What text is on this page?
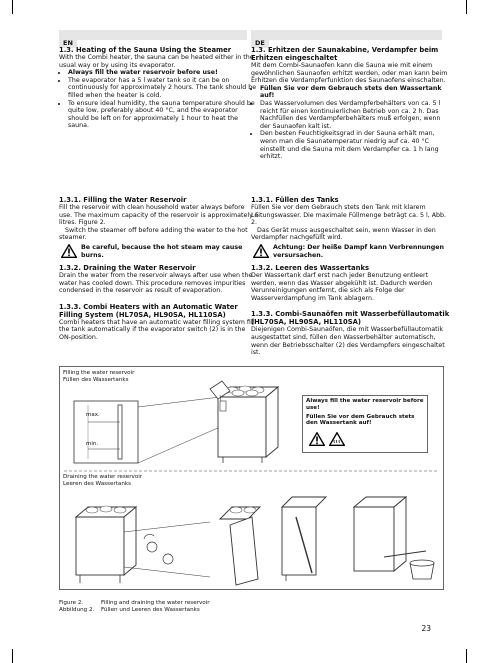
EN	DE

1.3. Heating of the Sauna Using the Steamer

With the Combi heater, the sauna can be heated either in the usual way or by using its evaporator.

• Always fill the water reservoir before use!
• The evaporator has a 5 l water tank so it can be on continuously for approximately 2 hours. The tank should be filled when the heater is cold.
• To ensure ideal humidity, the sauna temperature should be quite low, preferably about 40 °C, and the evaporator should be left on for approximately 1 hour to heat the sauna.

1.3.1. Filling the Water Reservoir

Fill the reservoir with clean household water always before use. The maximum capacity of the reservoir is approximately 5 litres. Figure 2.

Switch the steamer off before adding the water to the hot steamer.

Be careful, because the hot steam may cause burns.

1.3.2. Draining the Water Reservoir

Drain the water from the reservoir always after use when the water has cooled down. This procedure removes impurities condensed in the reservoir as result of evaporation.

1.3.3. Combi Heaters with an Automatic Water Filling System (HL70SA, HL90SA, HL110SA)

Combi heaters that have an automatic water filling system fill the tank automatically if the evaporator switch (2) is in the ON-position.

1.3. Erhitzen der Saunakabine, Verdampfer beim Erhitzen eingeschaltet

Mit dem Combi-Saunaofen kann die Sauna wie mit einem gewöhnlichen Saunaofen erhitzt werden, oder man kann beim Erhitzen die Verdampferfunktion des Saunaofens einschalten.

• Füllen Sie vor dem Gebrauch stets den Wassertank auf!
• Das Wasservolumen des Verdampferbehälters von ca. 5 l reicht für einen kontinuierlichen Betrieb von ca. 2 h. Das Nachfüllen des Verdampferbehälters muß erfolgen, wenn der Saunaofen kalt ist.
• Den besten Feuchtigkeitsgrad in der Sauna erhält man, wenn man die Saunatemperatur niedrig auf ca. 40 °C einstellt und die Sauna mit dem Verdampfer ca. 1 h lang erhitzt.

1.3.1. Füllen des Tanks

Füllen Sie vor dem Gebrauch stets den Tank mit klarem Leitungswasser. Die maximale Füllmenge beträgt ca. 5 l, Abb. 2.

Das Gerät muss ausgeschaltet sein, wenn Wasser in den Verdampfer nachgefüllt wird.

Achtung: Der heiße Dampf kann Verbrennungen versursachen.

1.3.2. Leeren des Wassertanks

Der Wassertank darf erst nach jeder Benutzung entleert werden, wenn das Wasser abgekühlt ist. Dadurch werden Verunreinigungen entfernt, die sich als Folge der Wasserverdampfung im Tank ablagern.

1.3.3. Combi-Saunaöfen mit Wasserbefüllautomatik (HL70SA, HL90SA, HL110SA)

Diejenigen Combi-Saunaöfen, die mit Wasserbefüllautomatik ausgestattet sind, füllen den Wasserbehälter automatisch, wenn der Betriebsschalter (2) des Verdampfers eingeschaltet ist.

Filling the water reservoir
Füllen des Wassertanks
max.
min.
Always fill the water reservoir before use!
Füllen Sie vor dem Gebrauch stets den Wassertank auf!
Draining the water reservoir
Leeren des Wassertanks
Figure 2.	Filling and draining the water reservoir
Abbildung 2. Füllen und Leeren des Wassertanks
23
